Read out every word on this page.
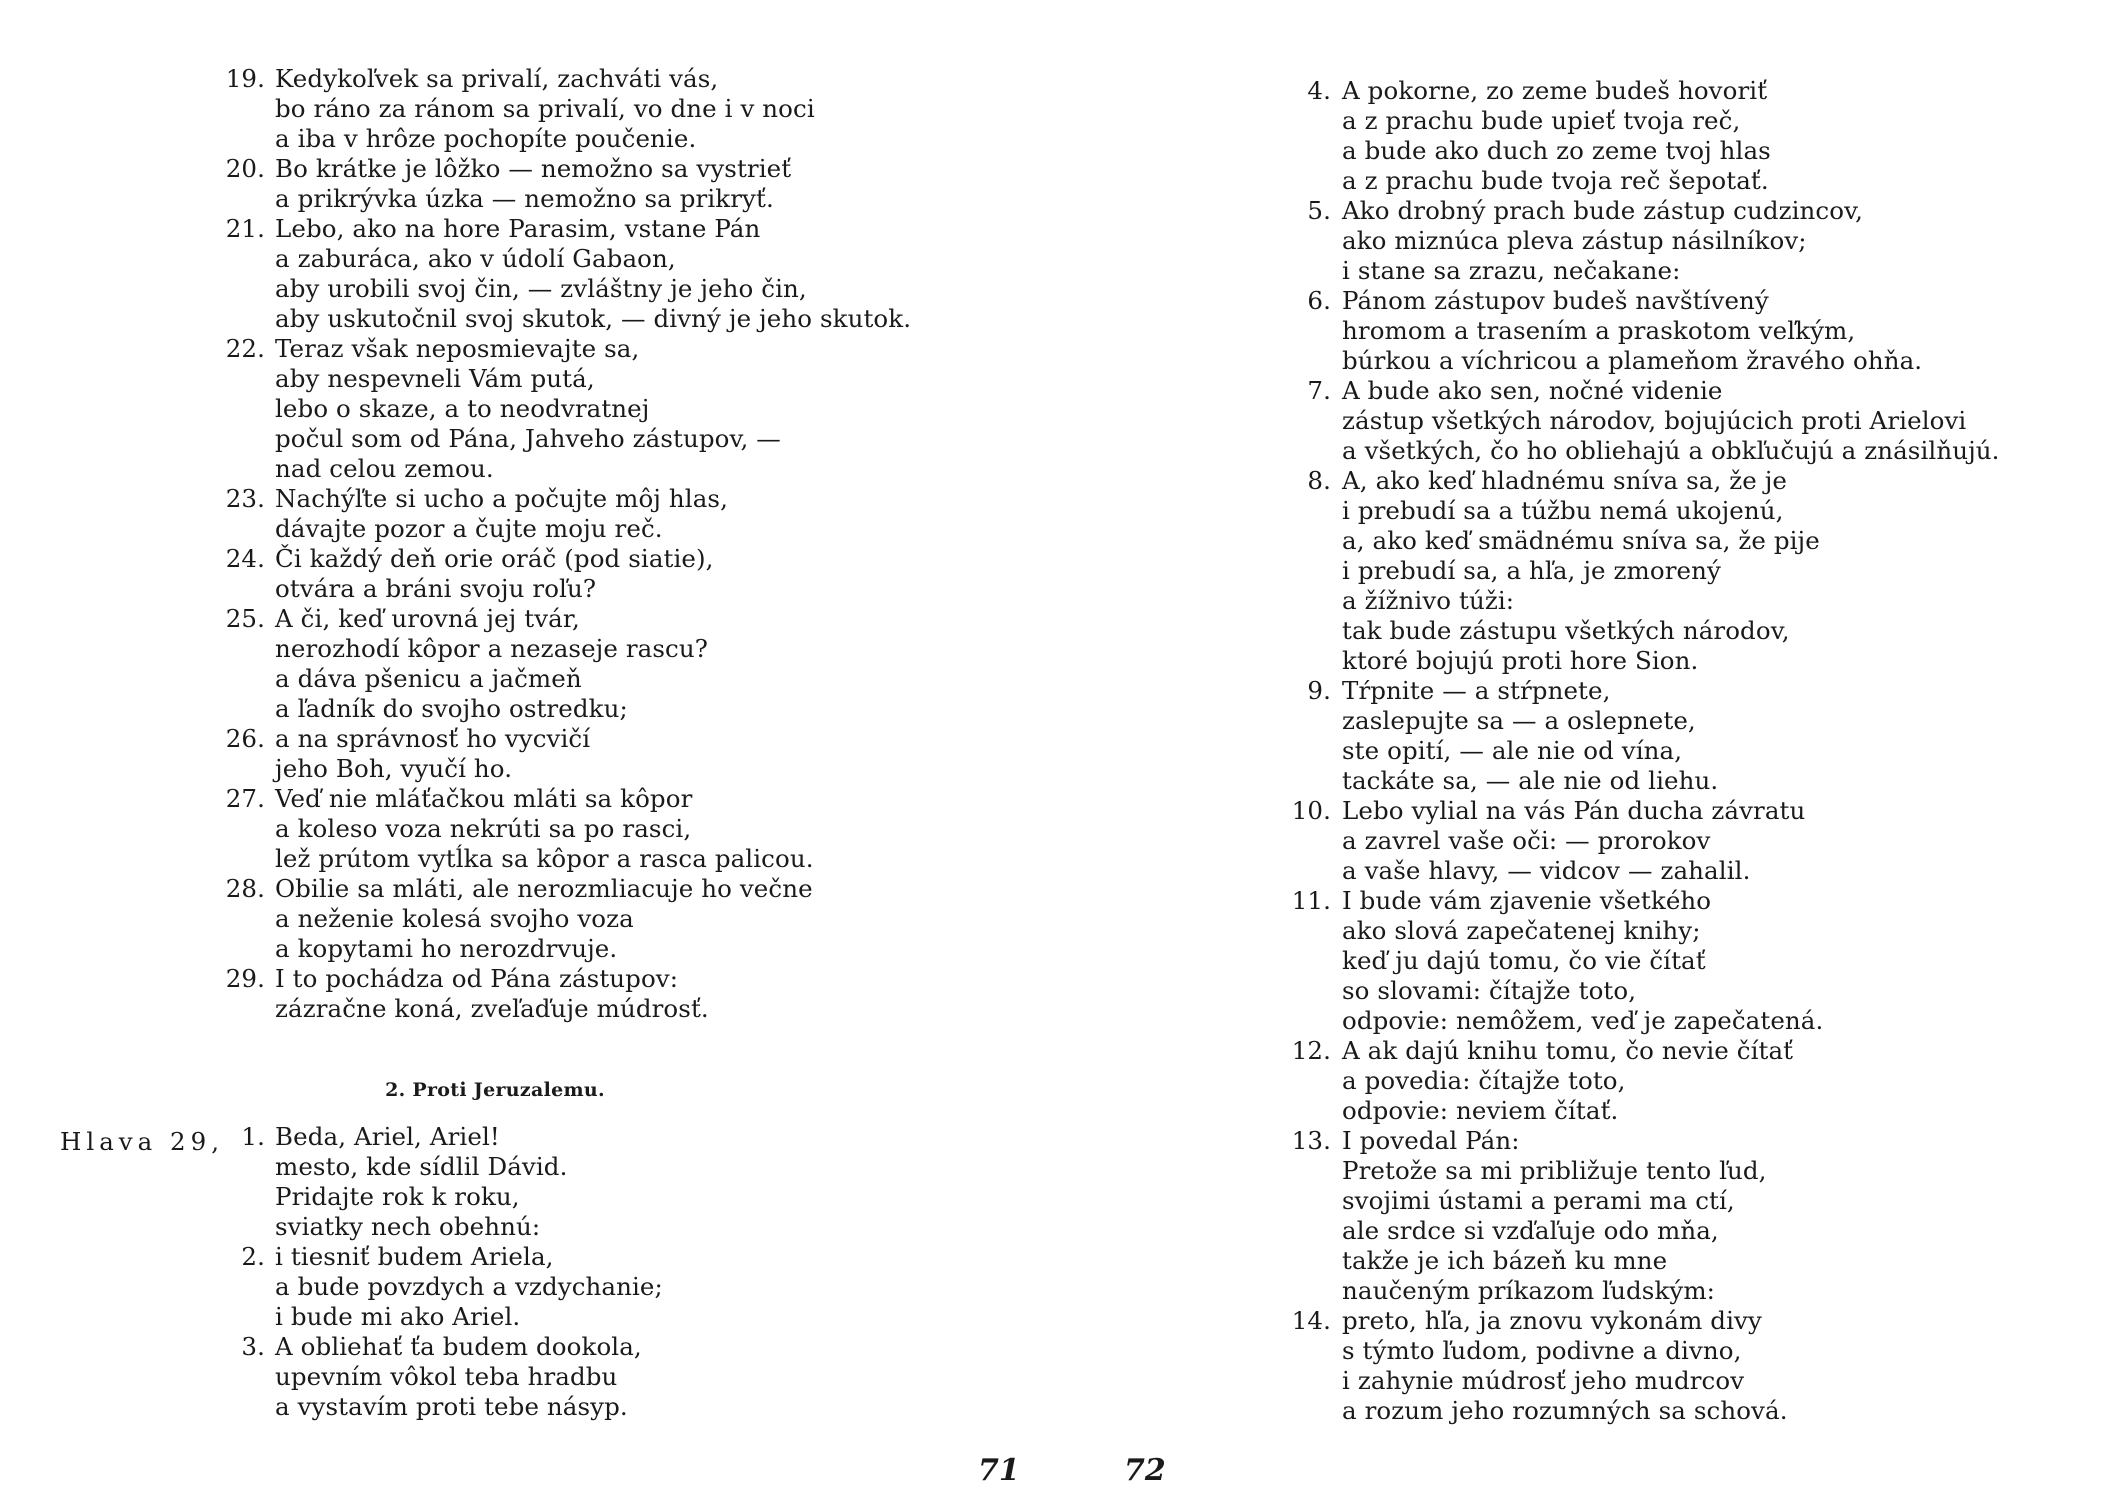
19. Kedykoľvek sa privalí, zachváti vás,
bo ráno za ránom sa privalí, vo dne i v noci
a iba v hrôze pochopíte poučenie.
20. Bo krátke je lôžko — nemožno sa vystrieť
a prikrývka úzka — nemožno sa prikryť.
21. Lebo, ako na hore Parasim, vstane Pán
a zaburáca, ako v údolí Gabaon,
aby urobili svoj čin, — zvláštny je jeho čin,
aby uskutočnil svoj skutok, — divný je jeho skutok.
22. Teraz však neposmievajte sa,
aby nespevneli Vám putá,
lebo o skaze, a to neodvratnej
počul som od Pána, Jahveho zástupov, —
nad celou zemou.
23. Nachýľte si ucho a počujte môj hlas,
dávajte pozor a čujte moju reč.
24. Či každý deň orie oráč (pod siatie),
otvára a bráni svoju roľu?
25. A či, keď urovná jej tvár,
nerozhodí kôpor a nezaseje rascu?
a dáva pšenicu a jačmeň
a ľadník do svojho ostredku;
26. a na správnosť ho vycvičí
jeho Boh, vyučí ho.
27. Veď nie mláťačkou mláti sa kôpor
a koleso voza nekrúti sa po rasci,
lež prútom vytĺka sa kôpor a rasca palicou.
28. Obilie sa mláti, ale nerozmliacuje ho večne
a neženie kolesá svojho voza
a kopytami ho nerozdrvuje.
29. I to pochádza od Pána zástupov:
zázračne koná, zveľaďuje múdrosť.
2. Proti Jeruzalemu.
Hlava 29, 1. Beda, Ariel, Ariel!
mesto, kde sídlil Dávid.
Pridajte rok k roku,
sviatky nech obehnú:
2. i tiesniť budem Ariela,
a bude povzdych a vzdychanie;
i bude mi ako Ariel.
3. A obliehať ťa budem dookola,
upevním vôkol teba hradbu
a vystavím proti tebe násyp.
71
4. A pokorne, zo zeme budeš hovoriť
a z prachu bude upieť tvoja reč,
a bude ako duch zo zeme tvoj hlas
a z prachu bude tvoja reč šepotať.
5. Ako drobný prach bude zástup cudzincov,
ako miznúca pleva zástup násilníkov;
i stane sa zrazu, nečakane:
6. Pánom zástupov budeš navštívený
hromom a trasením a praskotom veľkým,
búrkou a víchricou a plameňom žravého ohňa.
7. A bude ako sen, nočné videnie
zástup všetkých národov, bojujúcich proti Arielovi
a všetkých, čo ho obliehajú a obkľučujú a znásilňujú.
8. A, ako keď hladnému sníva sa, že je
i prebudí sa a túžbu nemá ukojenú,
a, ako keď smädnému sníva sa, že pije
i prebudí sa, a hľa, je zmorený
a žížnivo túži:
tak bude zástupu všetkých národov,
ktoré bojujú proti hore Sion.
9. Tŕpnite — a stŕpnete,
zaslepujte sa — a oslepnete,
ste opití, — ale nie od vína,
tackáte sa, — ale nie od liehu.
10. Lebo vylial na vás Pán ducha závratu
a zavrel vaše oči: — prorokov
a vaše hlavy, — vidcov — zahalil.
11. I bude vám zjavenie všetkého
ako slová zapečatenej knihy;
keď ju dajú tomu, čo vie čítať
so slovami: čítajže toto,
odpovie: nemôžem, veď je zapečatená.
12. A ak dajú knihu tomu, čo nevie čítať
a povedia: čítajže toto,
odpovie: neviem čítať.
13. I povedal Pán:
Pretože sa mi približuje tento ľud,
svojimi ústami a perami ma ctí,
ale srdce si vzďaľuje odo mňa,
takže je ich bázeň ku mne
naučeným príkazom ľudským:
14. preto, hľa, ja znovu vykonám divy
s týmto ľudom, podivne a divno,
i zahynie múdrosť jeho mudrcov
a rozum jeho rozumných sa schová.
72
